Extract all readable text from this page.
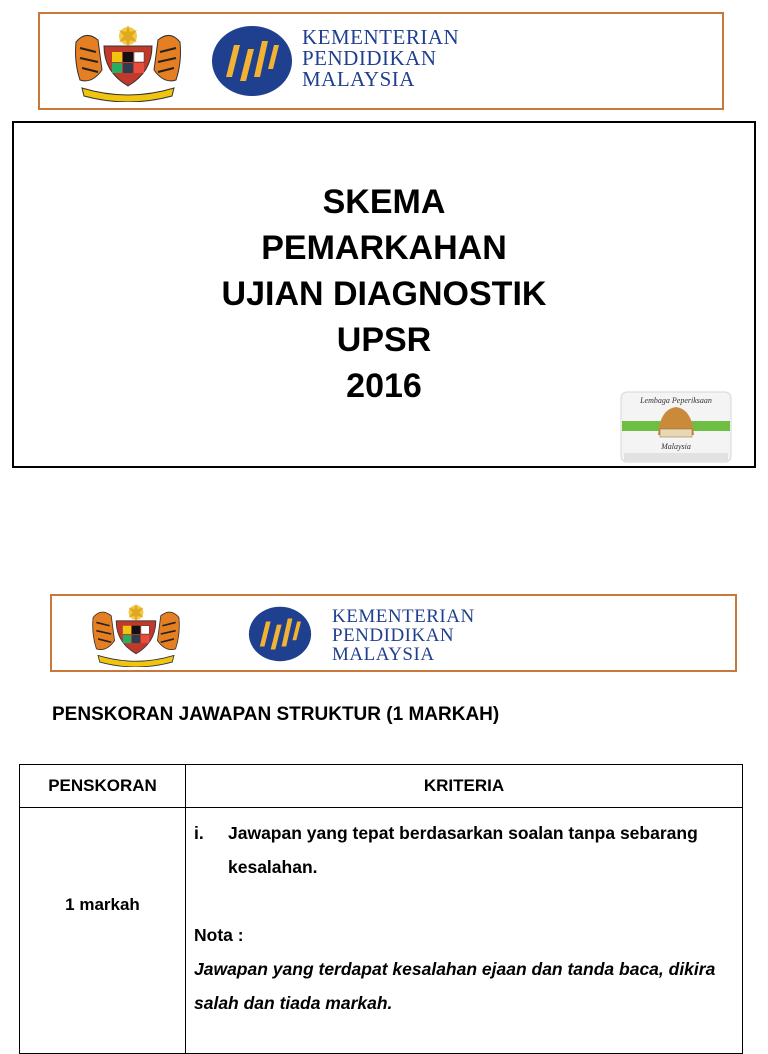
KEMENTERIAN
PENDIDIKAN
MALAYSIA
SKEMA
PEMARKAHAN
UJIAN DIAGNOSTIK
UPSR
2016	Lembaga Peperiksaan
Malaysia
KEMENTERIAN
PENDIDIKAN
MALAYSIA
PENSKORAN JAWAPAN STRUKTUR (1 MARKAH)
PENSKORAN	KRITERIA
1 markah	i. Jawapan yang tepat berdasarkan soalan tanpa sebarang kesalahan.
Nota :
Jawapan yang terdapat kesalahan ejaan dan tanda baca, dikira salah dan tiada markah.
